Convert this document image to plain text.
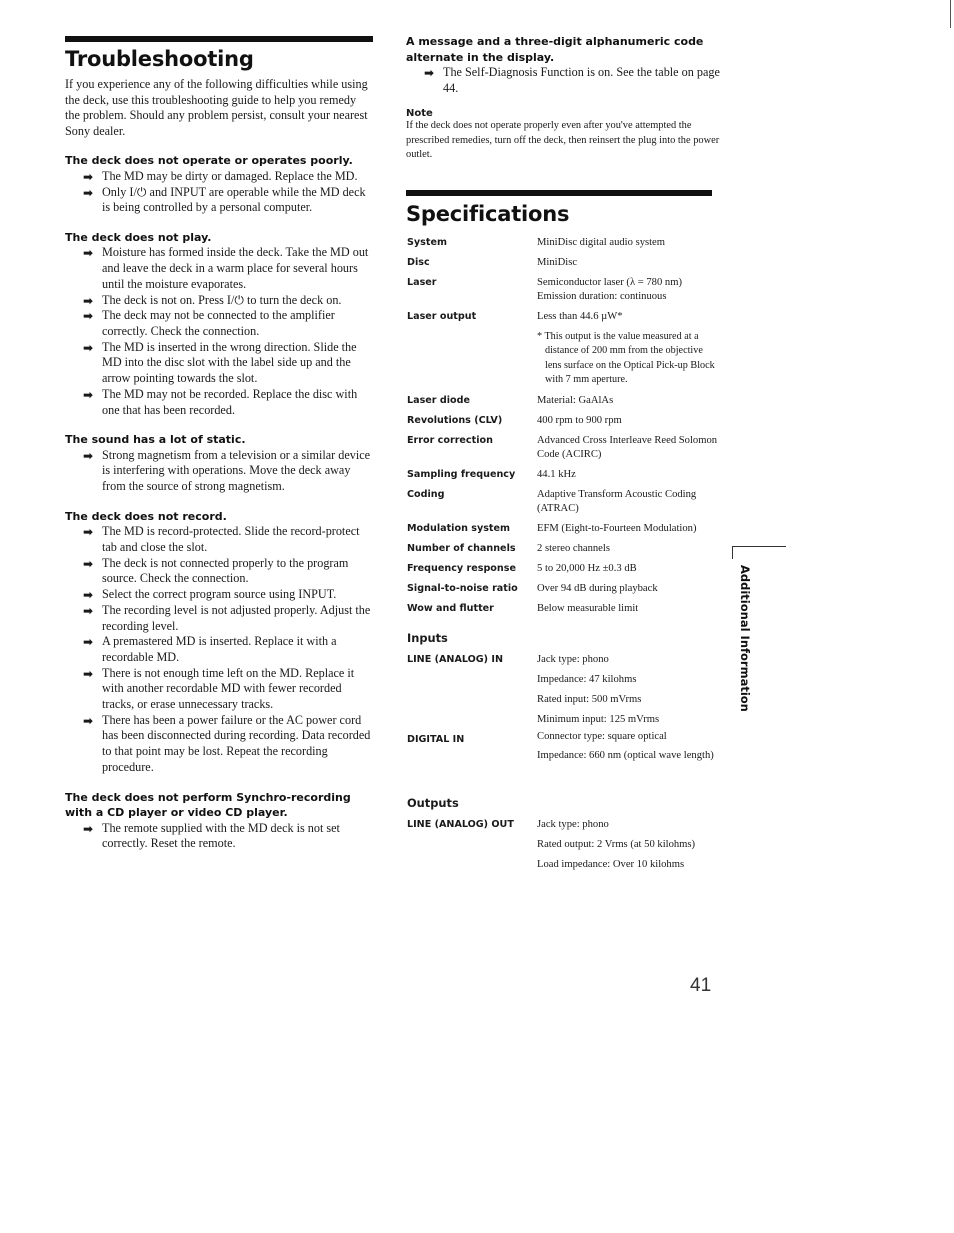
Troubleshooting

If you experience any of the following difficulties while using the deck, use this troubleshooting guide to help you remedy the problem. Should any problem persist, consult your nearest Sony dealer.

The deck does not operate or operates poorly.

➡ The MD may be dirty or damaged. Replace the MD.
➡ Only I/⏻ and INPUT are operable while the MD deck is being controlled by a personal computer.

The deck does not play.

➡ Moisture has formed inside the deck. Take the MD out and leave the deck in a warm place for several hours until the moisture evaporates.
➡ The deck is not on. Press I/⏻ to turn the deck on.
➡ The deck may not be connected to the amplifier correctly. Check the connection.
➡ The MD is inserted in the wrong direction. Slide the MD into the disc slot with the label side up and the arrow pointing towards the slot.
➡ The MD may not be recorded. Replace the disc with one that has been recorded.

The sound has a lot of static.

➡ Strong magnetism from a television or a similar device is interfering with operations. Move the deck away from the source of strong magnetism.

The deck does not record.

➡ The MD is record-protected. Slide the record-protect tab and close the slot.
➡ The deck is not connected properly to the program source. Check the connection.
➡ Select the correct program source using INPUT.
➡ The recording level is not adjusted properly. Adjust the recording level.
➡ A premastered MD is inserted. Replace it with a recordable MD.
➡ There is not enough time left on the MD. Replace it with another recordable MD with fewer recorded tracks, or erase unnecessary tracks.
➡ There has been a power failure or the AC power cord has been disconnected during recording. Data recorded to that point may be lost. Repeat the recording procedure.

The deck does not perform Synchro-recording with a CD player or video CD player.

➡ The remote supplied with the MD deck is not set correctly. Reset the remote.

A message and a three-digit alphanumeric code alternate in the display.

➡ The Self-Diagnosis Function is on. See the table on page 44.

Note

If the deck does not operate properly even after you've attempted the prescribed remedies, turn off the deck, then reinsert the plug into the power outlet.

Specifications
System	MiniDisc digital audio system
Disc	MiniDisc
Laser	Semiconductor laser (λ = 780 nm)
Emission duration: continuous
Laser output	Less than 44.6 µW*
* This output is the value measured at a distance of 200 mm from the objective lens surface on the Optical Pick-up Block with 7 mm aperture.
Laser diode	Material: GaAlAs
Revolutions (CLV)	400 rpm to 900 rpm
Error correction	Advanced Cross Interleave Reed Solomon Code (ACIRC)
Sampling frequency	44.1 kHz
Coding	Adaptive Transform Acoustic Coding (ATRAC)
Modulation system	EFM (Eight-to-Fourteen Modulation)
Number of channels	2 stereo channels
Frequency response	5 to 20,000 Hz ±0.3 dB
Signal-to-noise ratio	Over 94 dB during playback
Wow and flutter	Below measurable limit
Inputs
LINE (ANALOG) IN	Jack type: phono
Impedance: 47 kilohms
Rated input: 500 mVrms
Minimum input: 125 mVrms
DIGITAL IN	Connector type: square optical
Impedance: 660 nm (optical wave length)
Outputs
LINE (ANALOG) OUT	Jack type: phono
Rated output: 2 Vrms (at 50 kilohms)
Load impedance: Over 10 kilohms
Additional Information
41
